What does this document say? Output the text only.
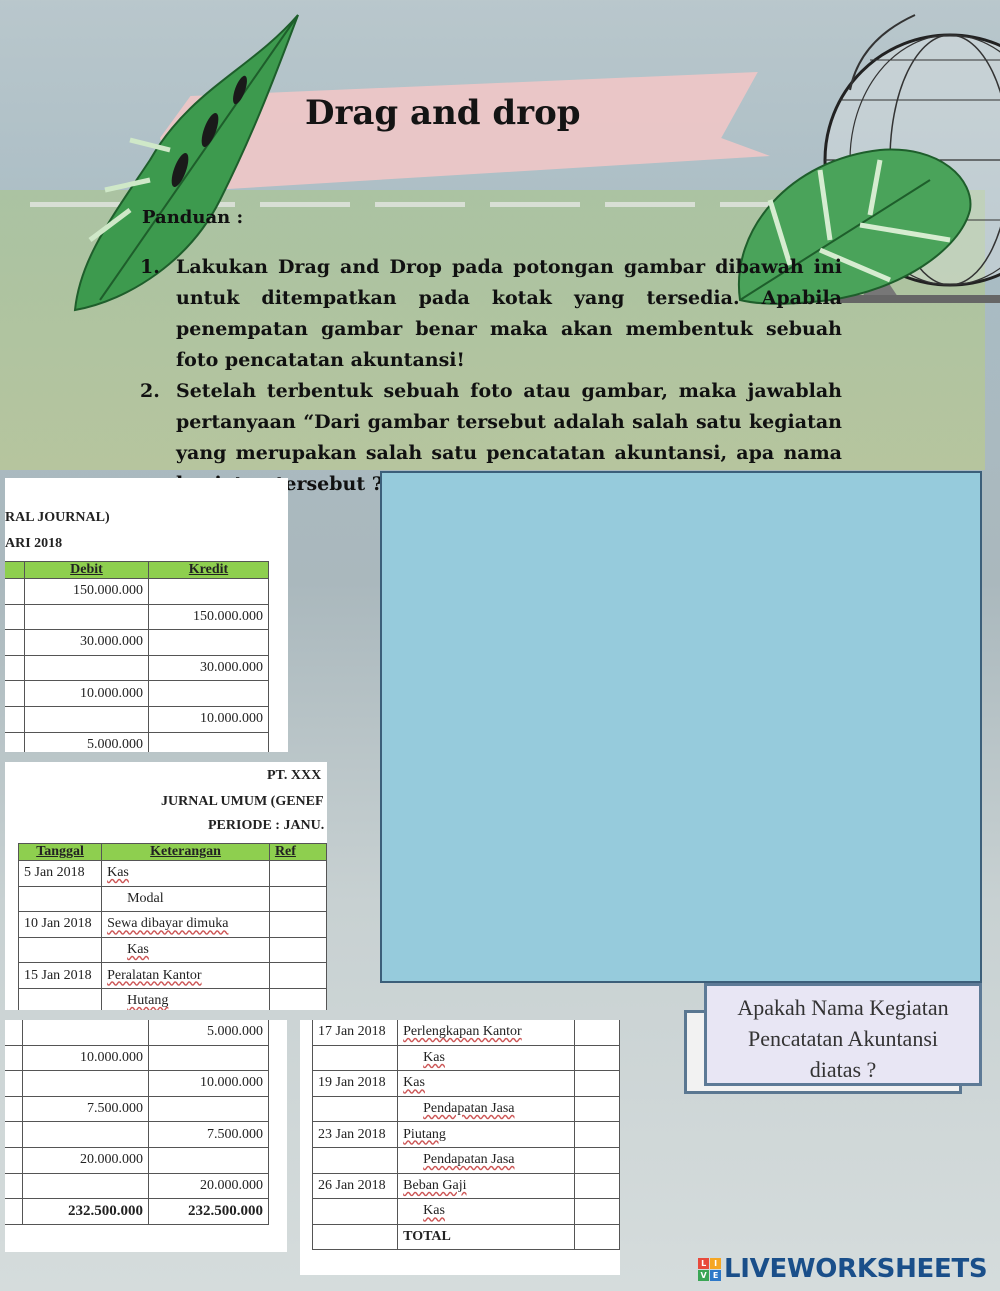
Drag and drop
Panduan :
1. Lakukan Drag and Drop pada potongan gambar dibawah ini untuk ditempatkan pada kotak yang tersedia. Apabila penempatan gambar benar maka akan membentuk sebuah foto pencatatan akuntansi!
2. Setelah terbentuk sebuah foto atau gambar, maka jawablah pertanyaan “Dari gambar tersebut adalah salah satu kegiatan yang merupakan salah satu pencatatan akuntansi, apa nama tersebut ?
RAL JOURNAL)
ARI 2018
	Debit	Kredit
	150.000.000	
		150.000.000
	30.000.000	
		30.000.000
	10.000.000	
		10.000.000
	5.000.000	
PT. XXX
JURNAL UMUM (GENEF
PERIODE : JANU.
Tanggal	Keterangan	Ref
5 Jan 2018	Kas	
	Modal	
10 Jan 2018	Sewa dibayar dimuka	
	Kas	
15 Jan 2018	Peralatan Kantor	
	Hutang	
		5.000.000
	10.000.000	
		10.000.000
	7.500.000	
		7.500.000
	20.000.000	
		20.000.000
	232.500.000	232.500.000
17 Jan 2018	Perlengkapan Kantor	
	Kas	
19 Jan 2018	Kas	
	Pendapatan Jasa	
23 Jan 2018	Piutang	
	Pendapatan Jasa	
26 Jan 2018	Beban Gaji	
	Kas	
	TOTAL	
Apakah Nama Kegiatan
Pencatatan Akuntansi
diatas ?
L	I
V E LIVEWORKSHEETS
